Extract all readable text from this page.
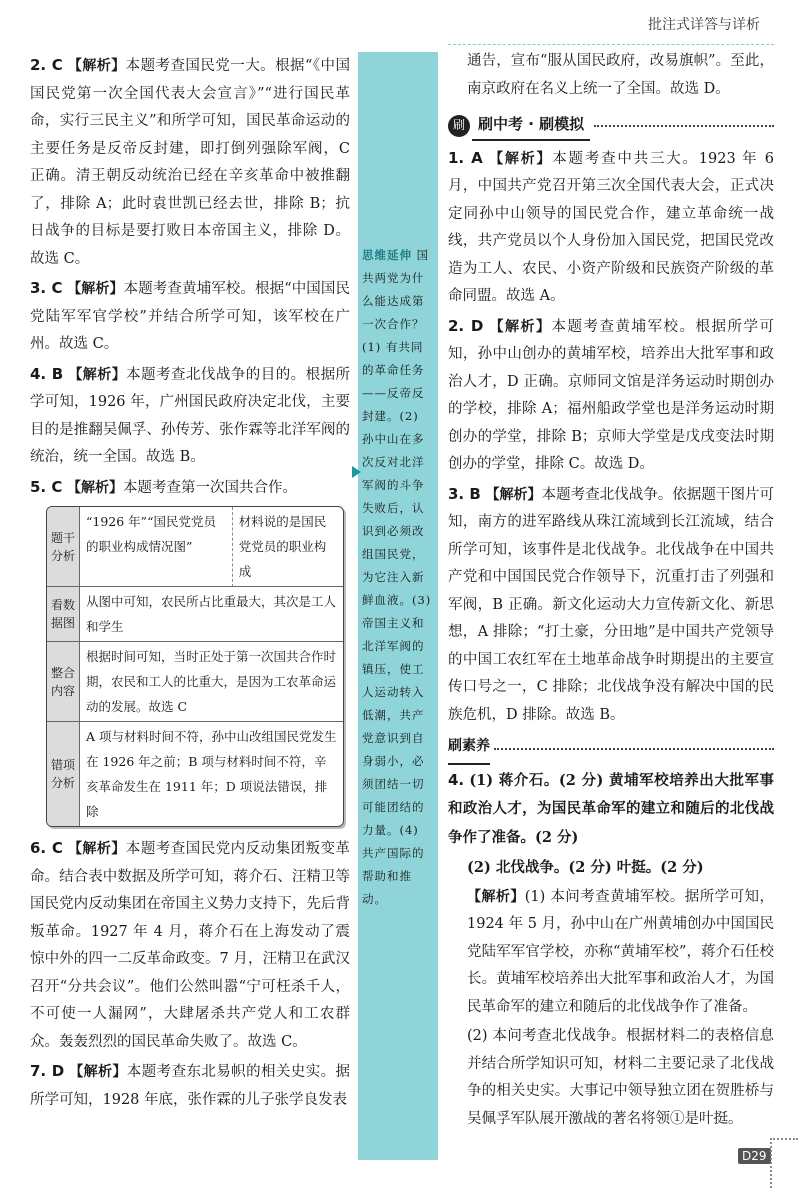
批注式详答与详析
思维延伸 国共两党为什么能达成第一次合作？(1) 有共同的革命任务——反帝反封建。(2) 孙中山在多次反对北洋军阀的斗争失败后，认识到必须改组国民党，为它注入新鲜血液。(3) 帝国主义和北洋军阀的镇压，使工人运动转入低潮，共产党意识到自身弱小，必须团结一切可能团结的力量。(4) 共产国际的帮助和推动。

2. C 【解析】本题考查国民党一大。根据“《中国国民党第一次全国代表大会宣言》”“进行国民革命，实行三民主义”和所学可知，国民革命运动的主要任务是反帝反封建，即打倒列强除军阀，C 正确。清王朝反动统治已经在辛亥革命中被推翻了，排除 A；此时袁世凯已经去世，排除 B；抗日战争的目标是要打败日本帝国主义，排除 D。故选 C。

3. C 【解析】本题考查黄埔军校。根据“中国国民党陆军军官学校”并结合所学可知，该军校在广州。故选 C。

4. B 【解析】本题考查北伐战争的目的。根据所学可知，1926 年，广州国民政府决定北伐，主要目的是推翻吴佩孚、孙传芳、张作霖等北洋军阀的统治，统一全国。故选 B。

5. C 【解析】本题考查第一次国共合作。

题干分析	“1926 年”“国民党党员的职业构成情况图”	材料说的是国民党党员的职业构成
看数据图	从图中可知，农民所占比重最大，其次是工人和学生	
整合内容	根据时间可知，当时正处于第一次国共合作时期，农民和工人的比重大，是因为工农革命运动的发展。故选 C	
错项分析	A 项与材料时间不符，孙中山改组国民党发生在 1926 年之前；B 项与材料时间不符，辛亥革命发生在 1911 年；D 项说法错误，排除	

6. C 【解析】本题考查国民党内反动集团叛变革命。结合表中数据及所学可知，蒋介石、汪精卫等国民党内反动集团在帝国主义势力支持下，先后背叛革命。1927 年 4 月，蒋介石在上海发动了震惊中外的四一二反革命政变。7 月，汪精卫在武汉召开“分共会议”。他们公然叫嚣“宁可枉杀千人，不可使一人漏网”，大肆屠杀共产党人和工农群众。轰轰烈烈的国民革命失败了。故选 C。

7. D 【解析】本题考查东北易帜的相关史实。据所学可知，1928 年底，张作霖的儿子张学良发表

通告，宣布“服从国民政府，改易旗帜”。至此，南京政府在名义上统一了全国。故选 D。

刷 刷中考 · 刷模拟

1. A 【解析】本题考查中共三大。1923 年 6 月，中国共产党召开第三次全国代表大会，正式决定同孙中山领导的国民党合作，建立革命统一战线，共产党员以个人身份加入国民党，把国民党改造为工人、农民、小资产阶级和民族资产阶级的革命同盟。故选 A。

2. D 【解析】本题考查黄埔军校。根据所学可知，孙中山创办的黄埔军校，培养出大批军事和政治人才，D 正确。京师同文馆是洋务运动时期创办的学校，排除 A；福州船政学堂也是洋务运动时期创办的学堂，排除 B；京师大学堂是戊戌变法时期创办的学堂，排除 C。故选 D。

3. B 【解析】本题考查北伐战争。依据题干图片可知，南方的进军路线从珠江流域到长江流域，结合所学可知，该事件是北伐战争。北伐战争在中国共产党和中国国民党合作领导下，沉重打击了列强和军阀，B 正确。新文化运动大力宣传新文化、新思想，A 排除；“打土豪，分田地”是中国共产党领导的中国工农红军在土地革命战争时期提出的主要宣传口号之一，C 排除；北伐战争没有解决中国的民族危机，D 排除。故选 B。

刷素养

4. (1) 蒋介石。(2 分) 黄埔军校培养出大批军事和政治人才，为国民革命军的建立和随后的北伐战争作了准备。(2 分)

(2) 北伐战争。(2 分) 叶挺。(2 分)

【解析】(1) 本问考查黄埔军校。据所学可知，1924 年 5 月，孙中山在广州黄埔创办中国国民党陆军军官学校，亦称“黄埔军校”，蒋介石任校长。黄埔军校培养出大批军事和政治人才，为国民革命军的建立和随后的北伐战争作了准备。

(2) 本问考查北伐战争。根据材料二的表格信息并结合所学知识可知，材料二主要记录了北伐战争的相关史实。大事记中领导独立团在贺胜桥与吴佩孚军队展开激战的著名将领①是叶挺。

D29
